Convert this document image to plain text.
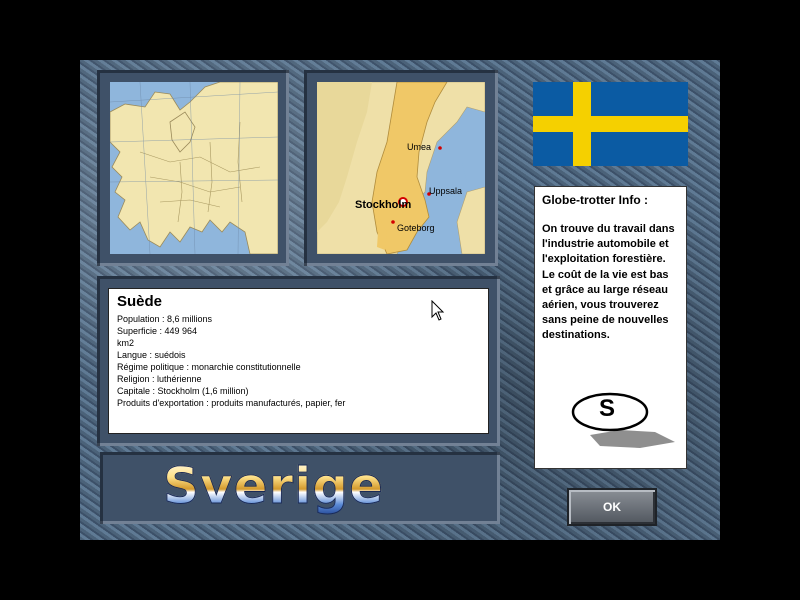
Umea
Uppsala
Stockholm
Goteborg
Suède
Population : 8,6 millions
Superficie : 449 964
km2
Langue : suédois
Régime politique : monarchie constitutionnelle
Religion : luthérienne
Capitale : Stockholm (1,6 million)
Produits d'exportation : produits manufacturés, papier, fer
Globe-trotter Info :
On trouve du travail dans l'industrie automobile et l'exploitation forestière. Le coût de la vie est bas et grâce au large réseau aérien, vous trouverez sans peine de nouvelles destinations.
S
Sverige	OK
